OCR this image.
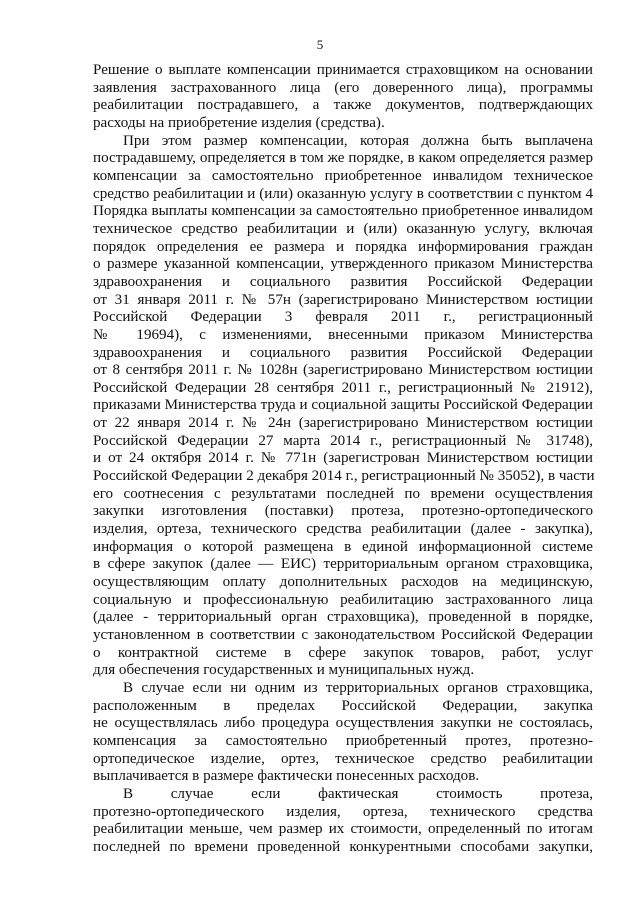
5
Решение о выплате компенсации принимается страховщиком на основании
заявления застрахованного лица (его доверенного лица), программы
реабилитации пострадавшего, а также документов, подтверждающих
расходы на приобретение изделия (средства).
При этом размер компенсации, которая должна быть выплачена
пострадавшему, определяется в том же порядке, в каком определяется размер
компенсации за самостоятельно приобретенное инвалидом техническое
средство реабилитации и (или) оказанную услугу в соответствии с пунктом 4
Порядка выплаты компенсации за самостоятельно приобретенное инвалидом
техническое средство реабилитации и (или) оказанную услугу, включая
порядок определения ее размера и порядка информирования граждан
о размере указанной компенсации, утвержденного приказом Министерства
здравоохранения и социального развития Российской Федерации
от 31 января 2011 г. № 57н (зарегистрировано Министерством юстиции
Российской Федерации 3 февраля 2011 г., регистрационный
№ 19694), с изменениями, внесенными приказом Министерства
здравоохранения и социального развития Российской Федерации
от 8 сентября 2011 г. № 1028н (зарегистрировано Министерством юстиции
Российской Федерации 28 сентября 2011 г., регистрационный № 21912),
приказами Министерства труда и социальной защиты Российской Федерации
от 22 января 2014 г. № 24н (зарегистрировано Министерством юстиции
Российской Федерации 27 марта 2014 г., регистрационный № 31748),
и от 24 октября 2014 г. № 771н (зарегистрован Министерством юстиции
Российской Федерации 2 декабря 2014 г., регистрационный № 35052), в части
его соотнесения с результатами последней по времени осуществления
закупки изготовления (поставки) протеза, протезно-ортопедического
изделия, ортеза, технического средства реабилитации (далее - закупка),
информация о которой размещена в единой информационной системе
в сфере закупок (далее — ЕИС) территориальным органом страховщика,
осуществляющим оплату дополнительных расходов на медицинскую,
социальную и профессиональную реабилитацию застрахованного лица
(далее - территориальный орган страховщика), проведенной в порядке,
установленном в соответствии с законодательством Российской Федерации
о контрактной системе в сфере закупок товаров, работ, услуг
для обеспечения государственных и муниципальных нужд.
В случае если ни одним из территориальных органов страховщика,
расположенным в пределах Российской Федерации, закупка
не осуществлялась либо процедура осуществления закупки не состоялась,
компенсация за самостоятельно приобретенный протез, протезно-
ортопедическое изделие, ортез, техническое средство реабилитации
выплачивается в размере фактически понесенных расходов.
В случае если фактическая стоимость протеза,
протезно-ортопедического изделия, ортеза, технического средства
реабилитации меньше, чем размер их стоимости, определенный по итогам
последней по времени проведенной конкурентными способами закупки,
